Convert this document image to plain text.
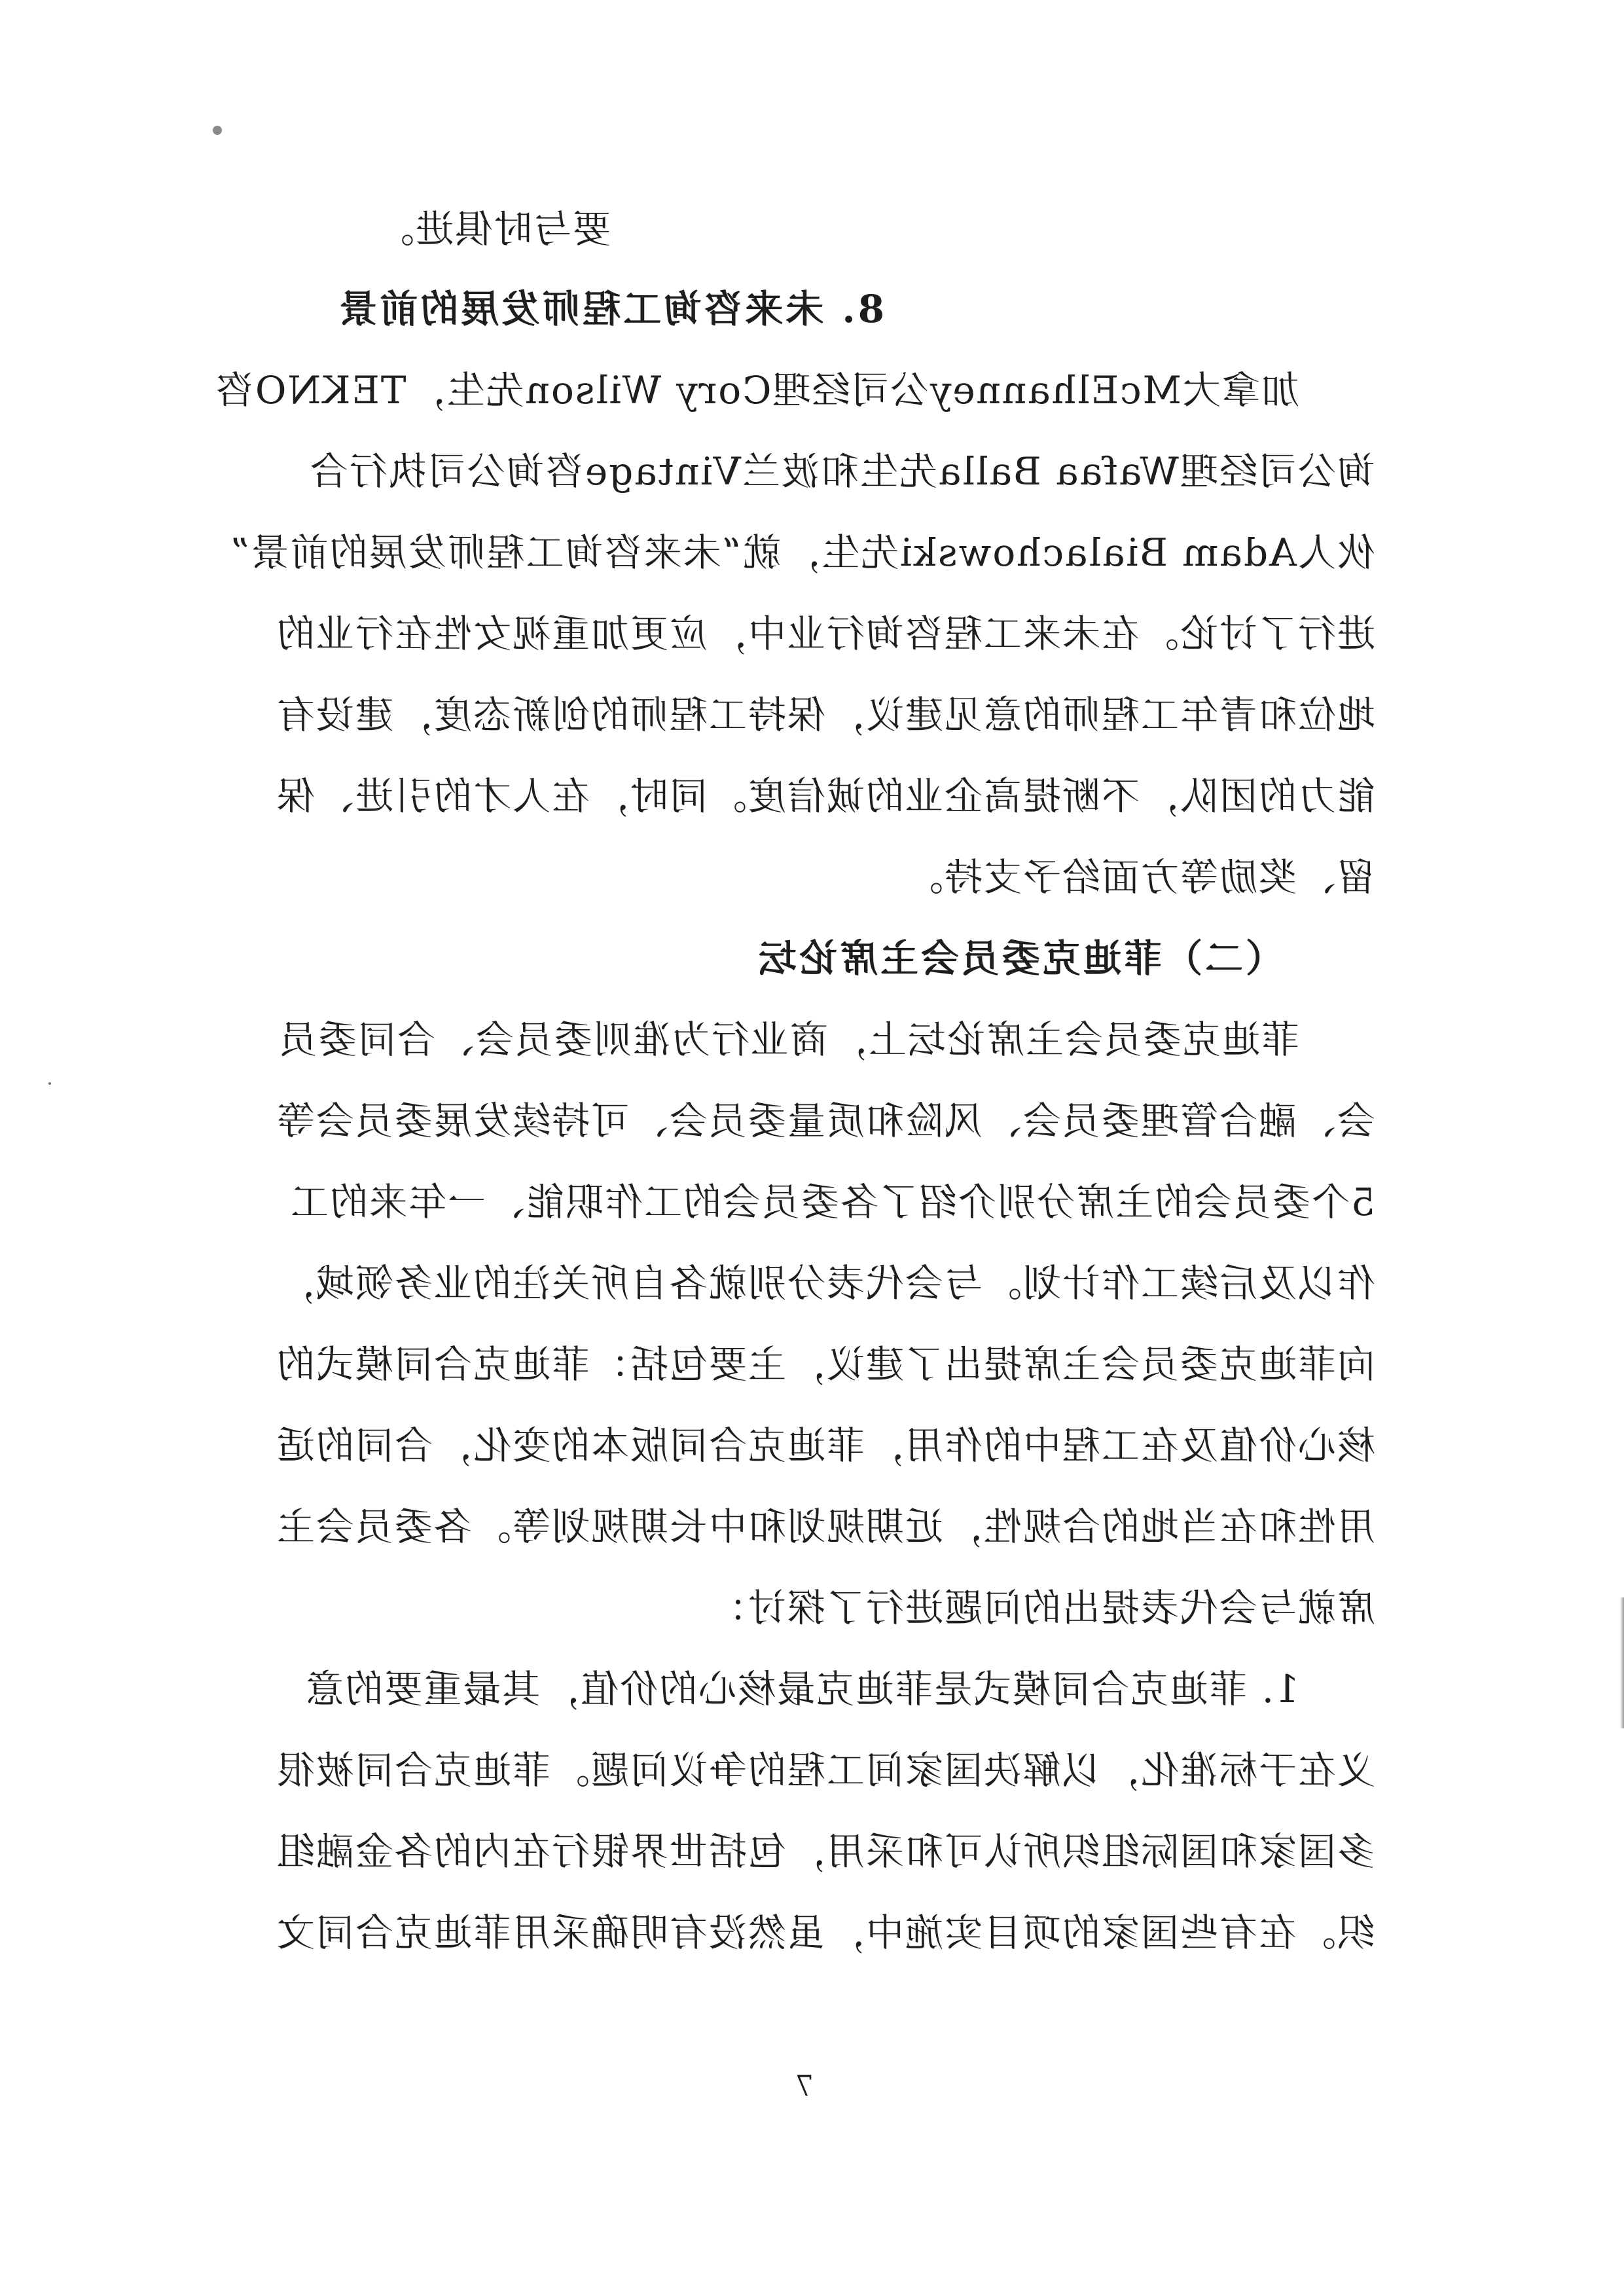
要与时俱进。
8. 未来咨询工程师发展的前景
加拿大McElhanney公司经理Cory Wilson先生，TEKNO咨
询公司经理Wafaa Balla先生和波兰Vintage咨询公司执行合
伙人Adam Bialachowski先生，就“未来咨询工程师发展的前景”
进行了讨论。在未来工程咨询行业中，应更加重视女性在行业的
地位和青年工程师的意见建议，保持工程师的创新态度，建设有
能力的团队，不断提高企业的诚信度。同时，在人才的引进、保
留、奖励等方面给予支持。
（二）菲迪克委员会主席论坛
菲迪克委员会主席论坛上，商业行为准则委员会、合同委员
会、融合管理委员会、风险和质量委员会、可持续发展委员会等
5个委员会的主席分别介绍了各委员会的工作职能、一年来的工
作以及后续工作计划。与会代表分别就各自所关注的业务领域，
向菲迪克委员会主席提出了建议，主要包括：菲迪克合同模式的
核心价值及在工程中的作用，菲迪克合同版本的变化，合同的适
用性和在当地的合规性，近期规划和中长期规划等。各委员会主
席就与会代表提出的问题进行了探讨：
1. 菲迪克合同模式是菲迪克最核心的价值，其最重要的意
义在于标准化，以解决国家间工程的争议问题。菲迪克合同被很
多国家和国际组织所认可和采用，包括世界银行在内的各金融组
织。在有些国家的项目实施中，虽然没有明确采用菲迪克合同文
7
